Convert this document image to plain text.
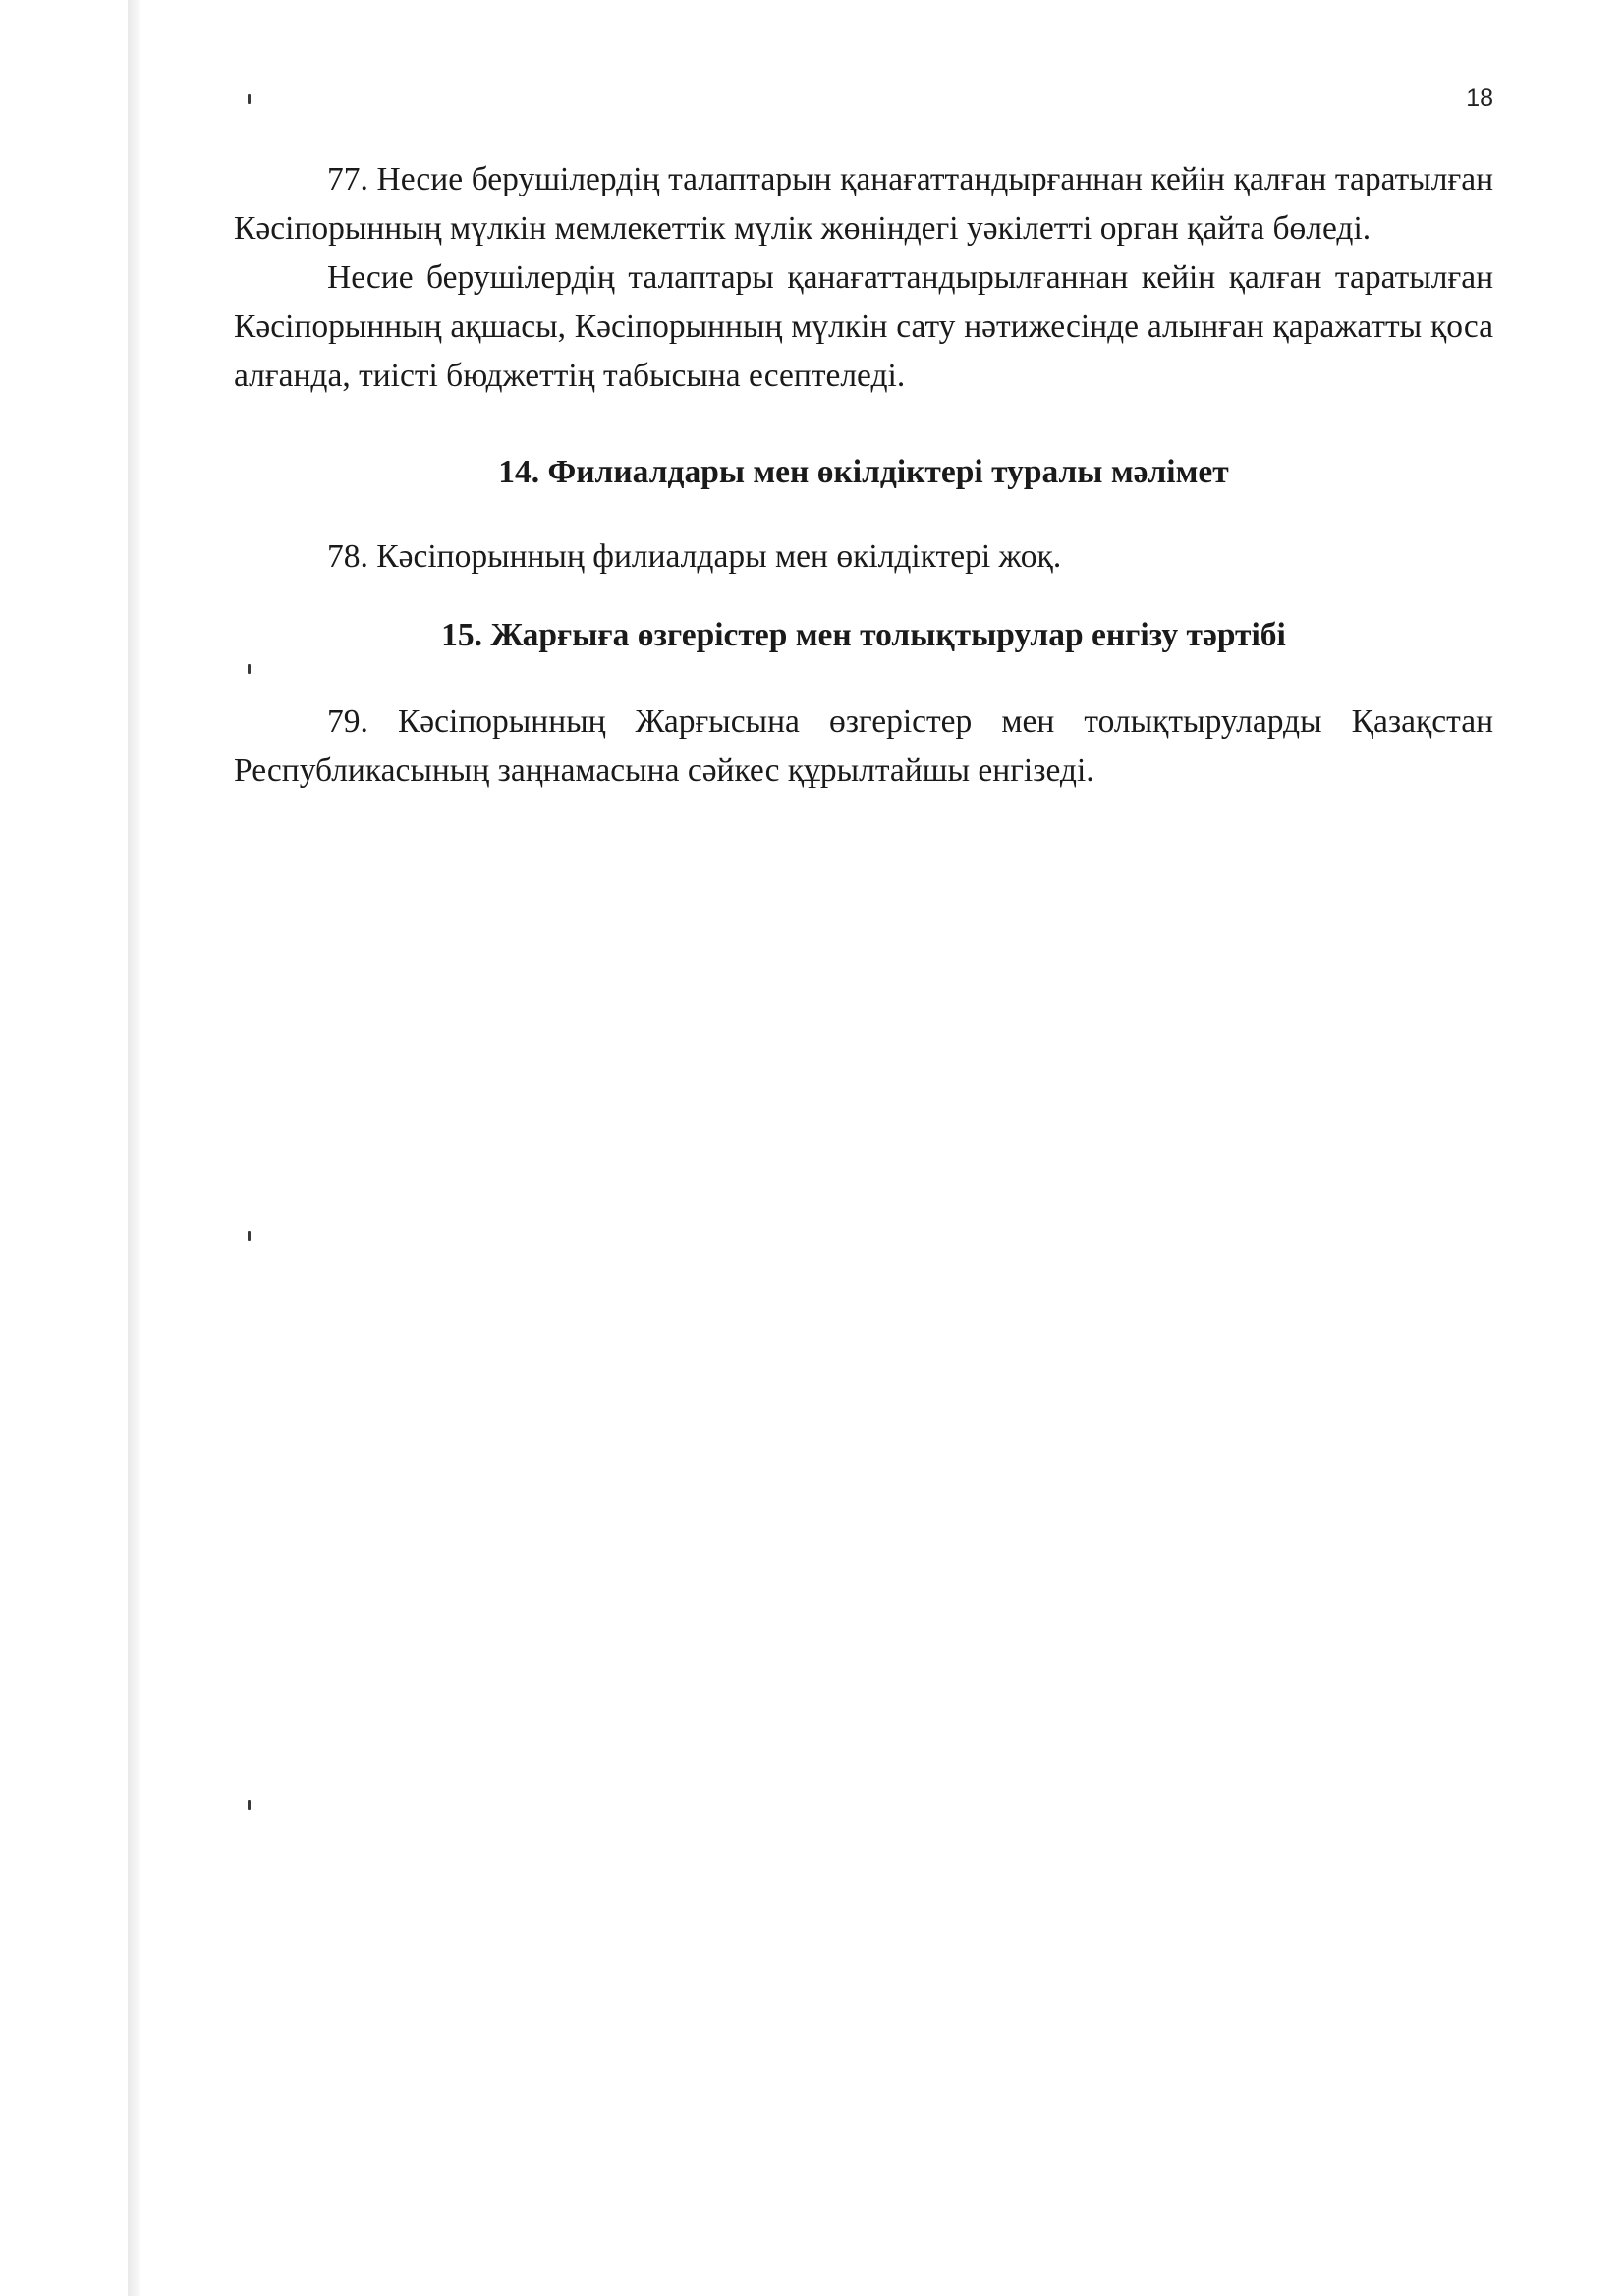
18

77. Несие берушілердің талаптарын қанағаттандырғаннан кейін қалған таратылған Кәсіпорынның мүлкін мемлекеттік мүлік жөніндегі уәкілетті орган қайта бөледі.

Несие берушілердің талаптары қанағаттандырылғаннан кейін қалған таратылған Кәсіпорынның ақшасы, Кәсіпорынның мүлкін сату нәтижесінде алынған қаражатты қоса алғанда, тиісті бюджеттің табысына есептеледі.

14. Филиалдары мен өкілдіктері туралы мәлімет

78. Кәсіпорынның филиалдары мен өкілдіктері жоқ.

15. Жарғыға өзгерістер мен толықтырулар енгізу тәртібі

79. Кәсіпорынның Жарғысына өзгерістер мен толықтыруларды Қазақстан Республикасының заңнамасына сәйкес құрылтайшы енгізеді.
